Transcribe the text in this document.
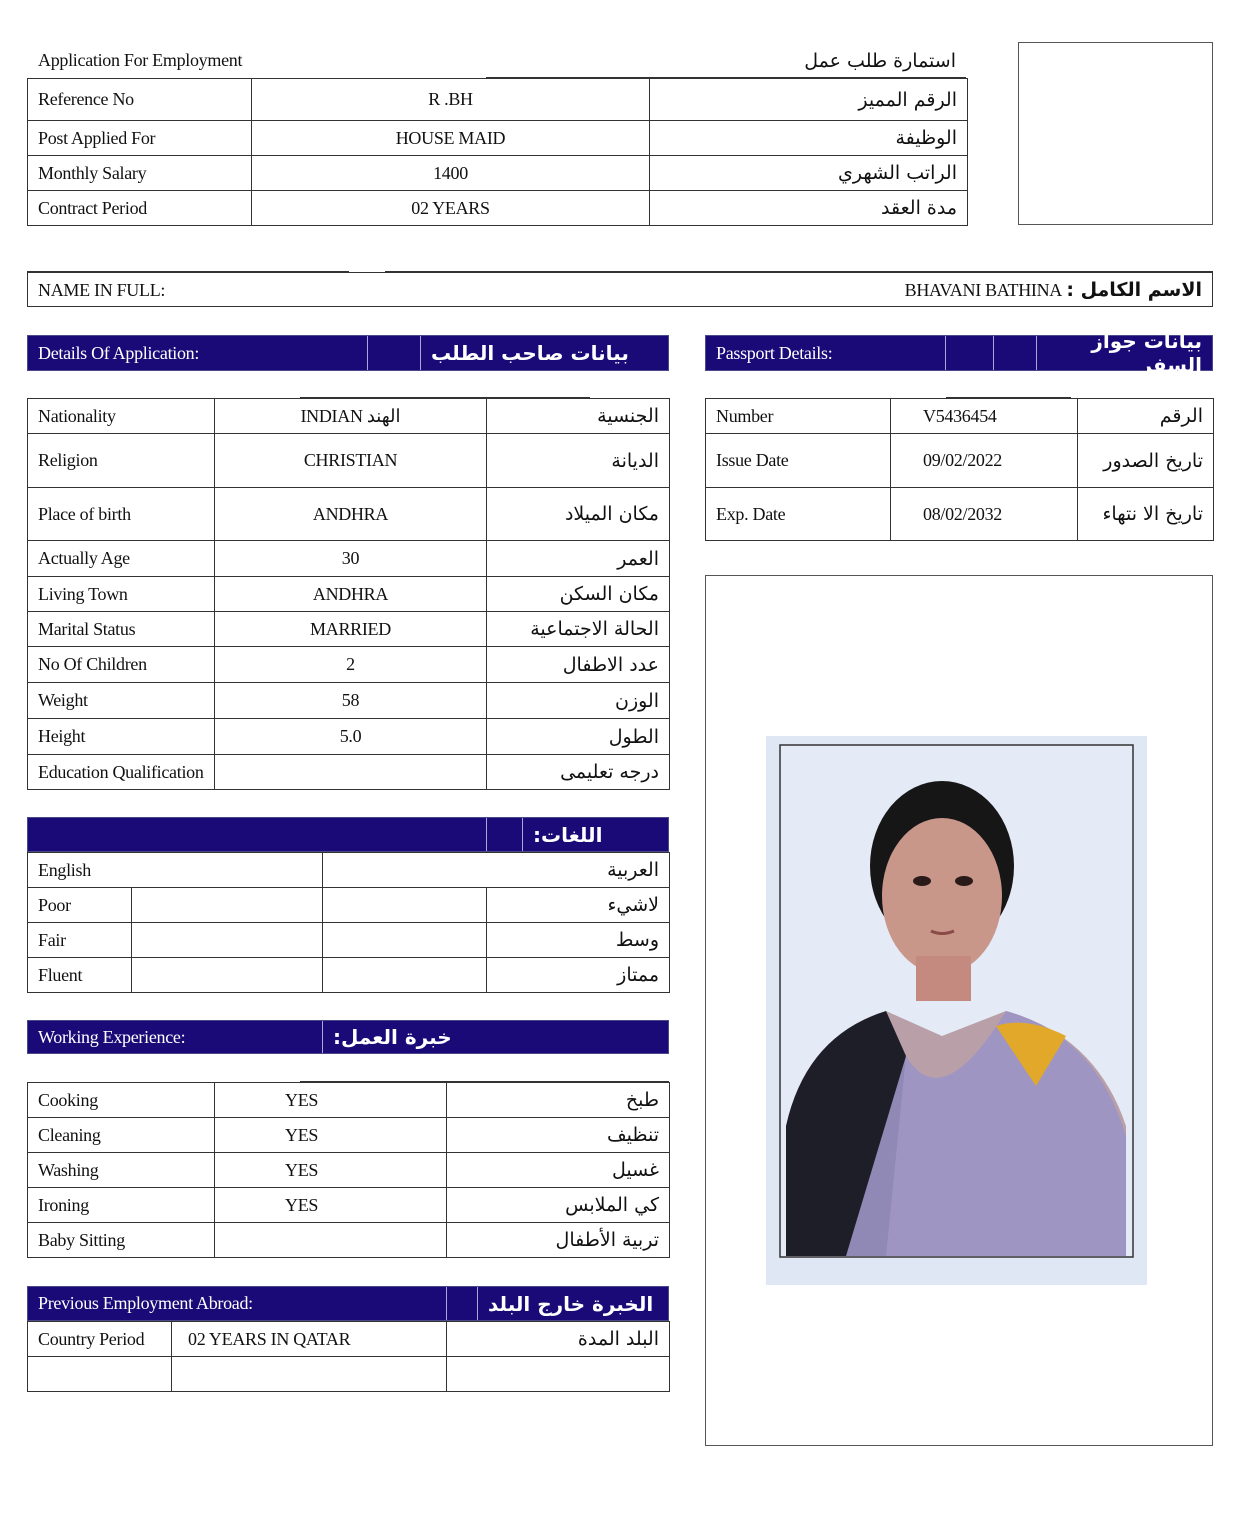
Application For Employment	استمارة طلب عمل
Reference No	R .BH	الرقم المميز
Post Applied For	HOUSE MAID	الوظيفة
Monthly Salary	1400	الراتب الشهري
Contract Period	02 YEARS	مدة العقد
NAME IN FULL:	BHAVANI BATHINA الاسم الكامل :
Details Of Application:	بيانات صاحب الطلب	Passport Details:	بيانات جواز السفر
Nationality	INDIAN الهند	الجنسية
Religion	CHRISTIAN	الديانة
Place of birth	ANDHRA	مكان الميلاد
Actually Age	30	العمر
Living Town	ANDHRA	مكان السكن
Marital Status	MARRIED	الحالة الاجتماعية
No Of Children	2	عدد الاطفال
Weight	58	الوزن
Height	5.0	الطول
Education Qualification		درجه تعليمى
Number	V5436454	الرقم
Issue Date	09/02/2022	تاريخ الصدور
Exp. Date	08/02/2032	تاريخ الا نتهاء
اللغات:
English		العربية	
Poor			لاشيء
Fair			وسط
Fluent			ممتاز
Working Experience:	خبرة العمل:
Cooking	YES	طبخ
Cleaning	YES	تنظيف
Washing	YES	غسيل
Ironing	YES	كي الملابس
Baby Sitting		تربية الأطفال
Previous Employment Abroad:	الخبرة خارج البلد
Country Period	02 YEARS IN QATAR	البلد المدة
